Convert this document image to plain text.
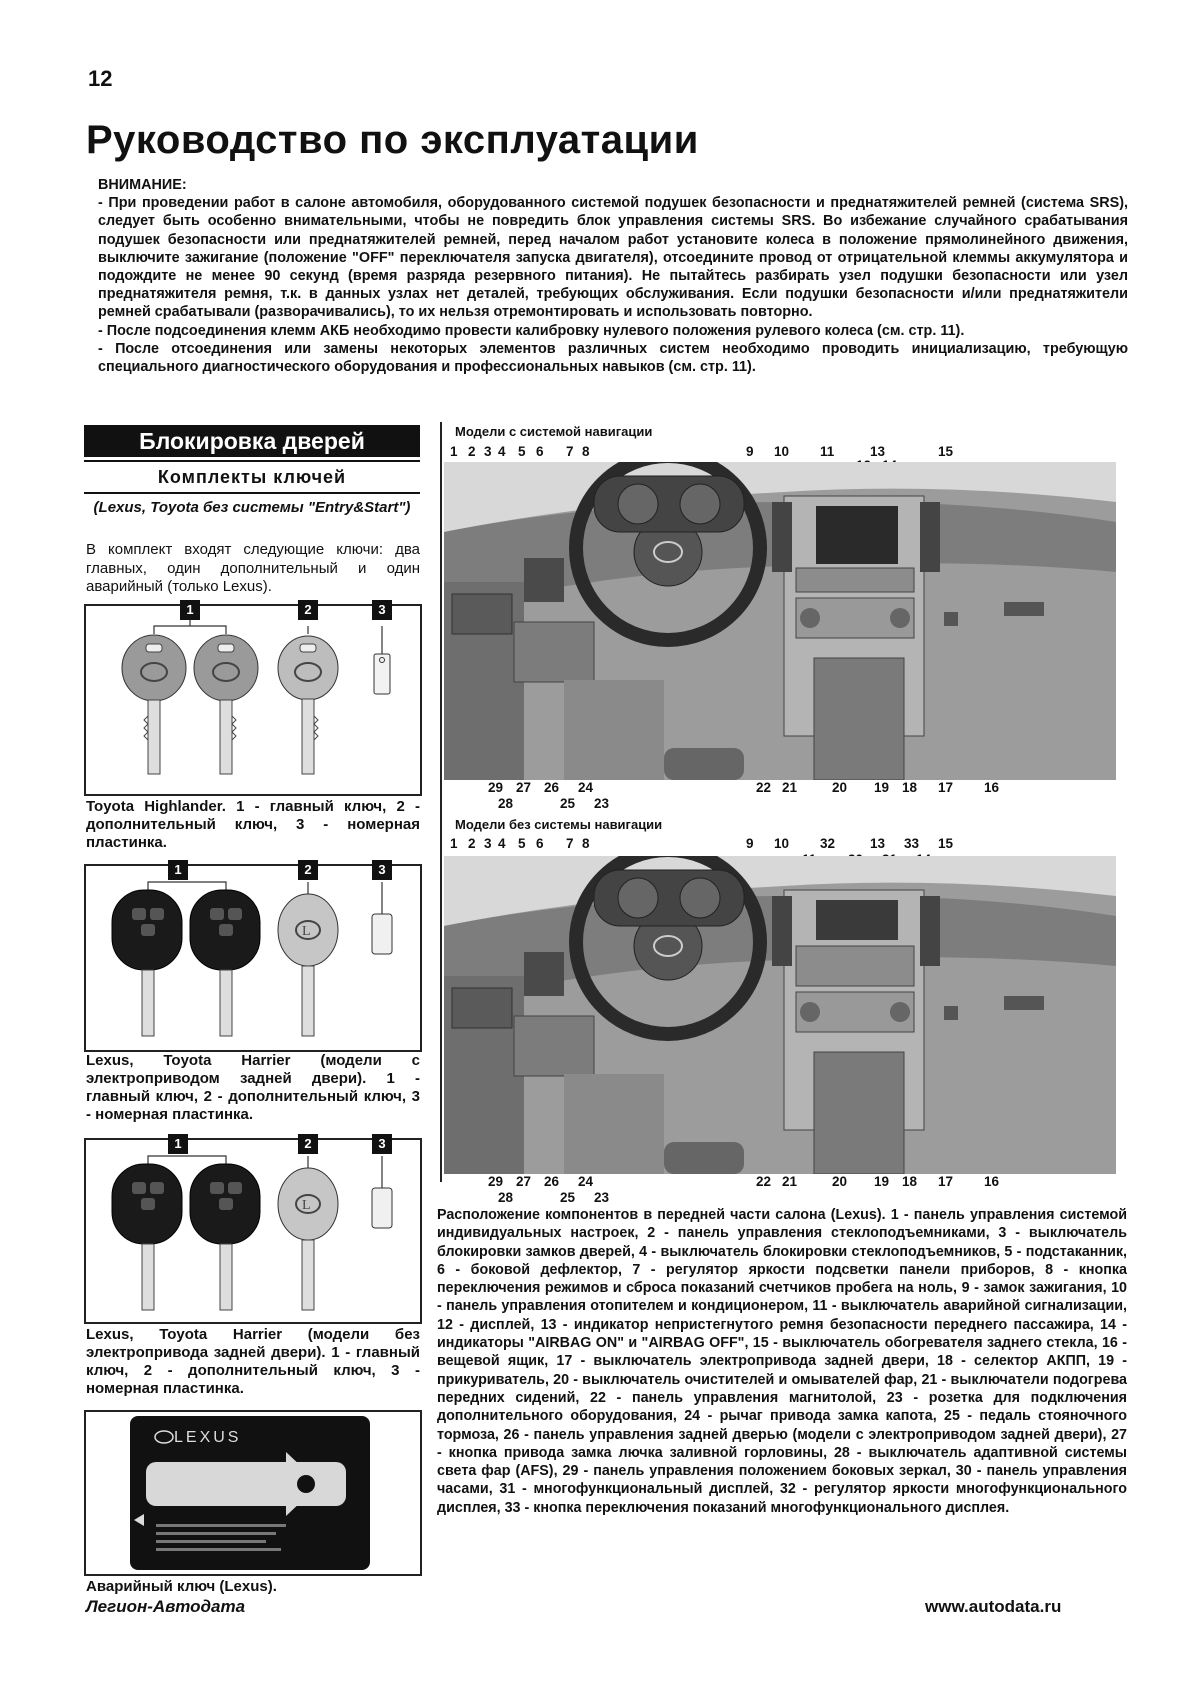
12
Руководство по эксплуатации

ВНИМАНИЕ:

- При проведении работ в салоне автомобиля, оборудованного системой подушек безопасности и преднатяжителей ремней (система SRS), следует быть особенно внимательными, чтобы не повредить блок управления системы SRS. Во избежание случайного срабатывания подушек безопасности или преднатяжителей ремней, перед началом работ установите колеса в положение прямолинейного движения, выключите зажигание (положение "OFF" переключателя запуска двигателя), отсоедините провод от отрицательной клеммы аккумулятора и подождите не менее 90 секунд (время разряда резервного питания). Не пытайтесь разбирать узел подушки безопасности или узел преднатяжителя ремня, т.к. в данных узлах нет деталей, требующих обслуживания. Если подушки безопасности и/или преднатяжители ремней срабатывали (разворачивались), то их нельзя отремонтировать и использовать повторно.

- После подсоединения клемм АКБ необходимо провести калибровку нулевого положения рулевого колеса (см. стр. 11).

- После отсоединения или замены некоторых элементов различных систем необходимо проводить инициализацию, требующую специального диагностического оборудования и профессиональных навыков (см. стр. 11).

Блокировка дверей
Комплекты ключей
(Lexus, Toyota без системы "Entry&Start")
В комплект входят следующие ключи: два главных, один дополнительный и один аварийный (только Lexus).
1	2	3
Toyota Highlander. 1 - главный ключ, 2 - дополнительный ключ, 3 - номерная пластинка.
L
1	2	3
Lexus, Toyota Harrier (модели с электроприводом задней двери). 1 - главный ключ, 2 - дополнительный ключ, 3 - номерная пластинка.
L
1	2	3
Lexus, Toyota Harrier (модели без электропривода задней двери). 1 - главный ключ, 2 - дополнительный ключ, 3 - номерная пластинка.
LEXUS
Аварийный ключ (Lexus).
Модели с системой навигации
1 2 3 4 5 6 7 8	9 10 11	13	15
29
28
27 26
25
24
23
22 21	20 19 18 17 16
Модели без системы навигации
1 2 3 4 5 6 7 8	9 10 32	13 33 15
29
28
27 26
25
24
23
22 21	20 19 18 17 16
Расположение компонентов в передней части салона (Lexus). 1 - панель управления системой индивидуальных настроек, 2 - панель управления стеклоподъемниками, 3 - выключатель блокировки замков дверей, 4 - выключатель блокировки стеклоподъемников, 5 - подстаканник, 6 - боковой дефлектор, 7 - регулятор яркости подсветки панели приборов, 8 - кнопка переключения режимов и сброса показаний счетчиков пробега на ноль, 9 - замок зажигания, 10 - панель управления отопителем и кондиционером, 11 - выключатель аварийной сигнализации, 12 - дисплей, 13 - индикатор непристегнутого ремня безопасности переднего пассажира, 14 - индикаторы "AIRBAG ON" и "AIRBAG OFF", 15 - выключатель обогревателя заднего стекла, 16 - вещевой ящик, 17 - выключатель электропривода задней двери, 18 - селектор АКПП, 19 - прикуриватель, 20 - выключатель очистителей и омывателей фар, 21 - выключатели подогрева передних сидений, 22 - панель управления магнитолой, 23 - розетка для подключения дополнительного оборудования, 24 - рычаг привода замка капота, 25 - педаль стояночного тормоза, 26 - панель управления задней дверью (модели с электроприводом задней двери), 27 - кнопка привода замка лючка заливной горловины, 28 - выключатель адаптивной системы света фар (AFS), 29 - панель управления положением боковых зеркал, 30 - панель управления часами, 31 - многофункциональный дисплей, 32 - регулятор яркости многофункционального дисплея, 33 - кнопка переключения показаний многофункционального дисплея.
Легион-Автодата	www.autodata.ru
